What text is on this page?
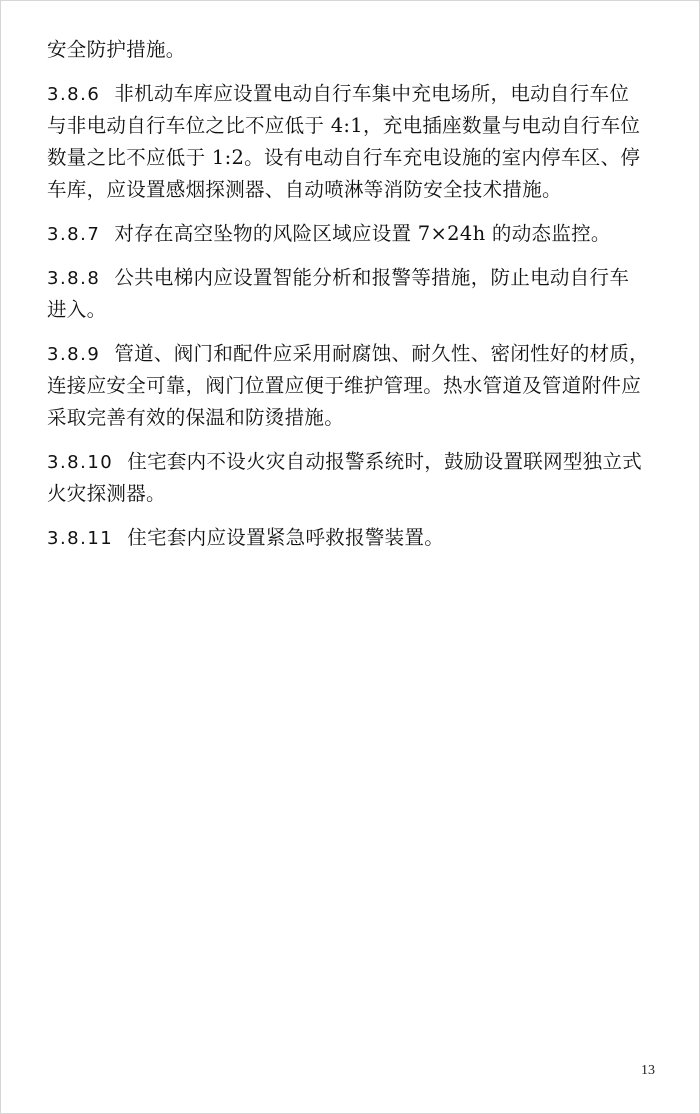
安全防护措施。
3.8.6 非机动车库应设置电动自行车集中充电场所，电动自行车位
与非电动自行车位之比不应低于 4:1，充电插座数量与电动自行车位
数量之比不应低于 1:2。设有电动自行车充电设施的室内停车区、停
车库，应设置感烟探测器、自动喷淋等消防安全技术措施。
3.8.7 对存在高空坠物的风险区域应设置 7×24h 的动态监控。
3.8.8 公共电梯内应设置智能分析和报警等措施，防止电动自行车
进入。
3.8.9 管道、阀门和配件应采用耐腐蚀、耐久性、密闭性好的材质，
连接应安全可靠，阀门位置应便于维护管理。热水管道及管道附件应
采取完善有效的保温和防烫措施。
3.8.10 住宅套内不设火灾自动报警系统时，鼓励设置联网型独立式
火灾探测器。
3.8.11 住宅套内应设置紧急呼救报警装置。
13
